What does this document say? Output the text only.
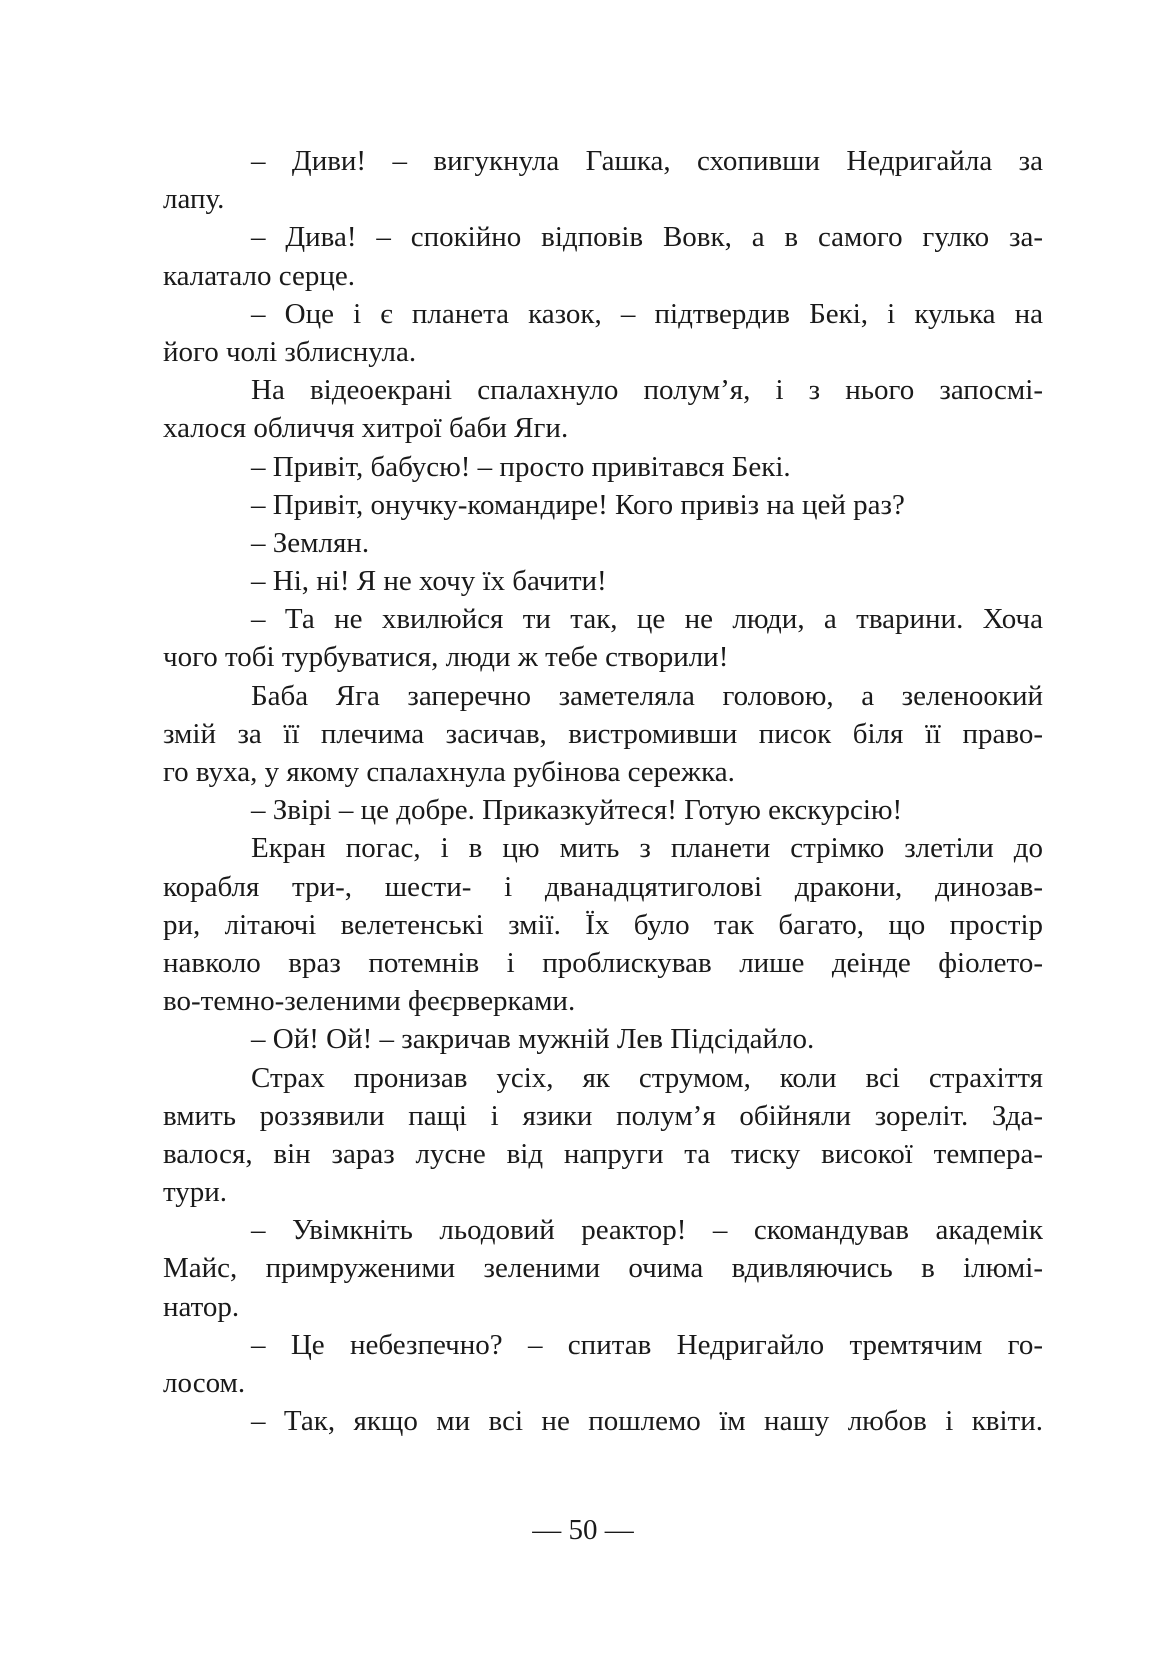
– Диви! – вигукнула Гашка, схопивши Недригайла за
лапу.
– Дива! – спокійно відповів Вовк, а в самого гулко за-
калатало серце.
– Оце і є планета казок, – підтвердив Бекі, і кулька на
його чолі зблиснула.
На відеоекрані спалахнуло полум’я, і з нього запосмі-
халося обличчя хитрої баби Яги.
– Привіт, бабусю! – просто привітався Бекі.
– Привіт, онучку-командире! Кого привіз на цей раз?
– Землян.
– Ні, ні! Я не хочу їх бачити!
– Та не хвилюйся ти так, це не люди, а тварини. Хоча
чого тобі турбуватися, люди ж тебе створили!
Баба Яга заперечно заметеляла головою, а зеленоокий
змій за її плечима засичав, вистромивши писок біля її право-
го вуха, у якому спалахнула рубінова сережка.
– Звірі – це добре. Приказкуйтеся! Готую екскурсію!
Екран погас, і в цю мить з планети стрімко злетіли до
корабля три-, шести- і дванадцятиголові дракони, динозав-
ри, літаючі велетенські змії. Їх було так багато, що простір
навколо враз потемнів і проблискував лише деінде фіолето-
во-темно-зеленими феєрверками.
– Ой! Ой! – закричав мужній Лев Підсідайло.
Страх пронизав усіх, як струмом, коли всі страхіття
вмить роззявили пащі і язики полум’я обійняли зореліт. Зда-
валося, він зараз лусне від напруги та тиску високої темпера-
тури.
– Увімкніть льодовий реактор! – скомандував академік
Майс, примруженими зеленими очима вдивляючись в ілюмі-
натор.
– Це небезпечно? – спитав Недригайло тремтячим го-
лосом.
– Так, якщо ми всі не пошлемо їм нашу любов і квіти.
— 50 —
